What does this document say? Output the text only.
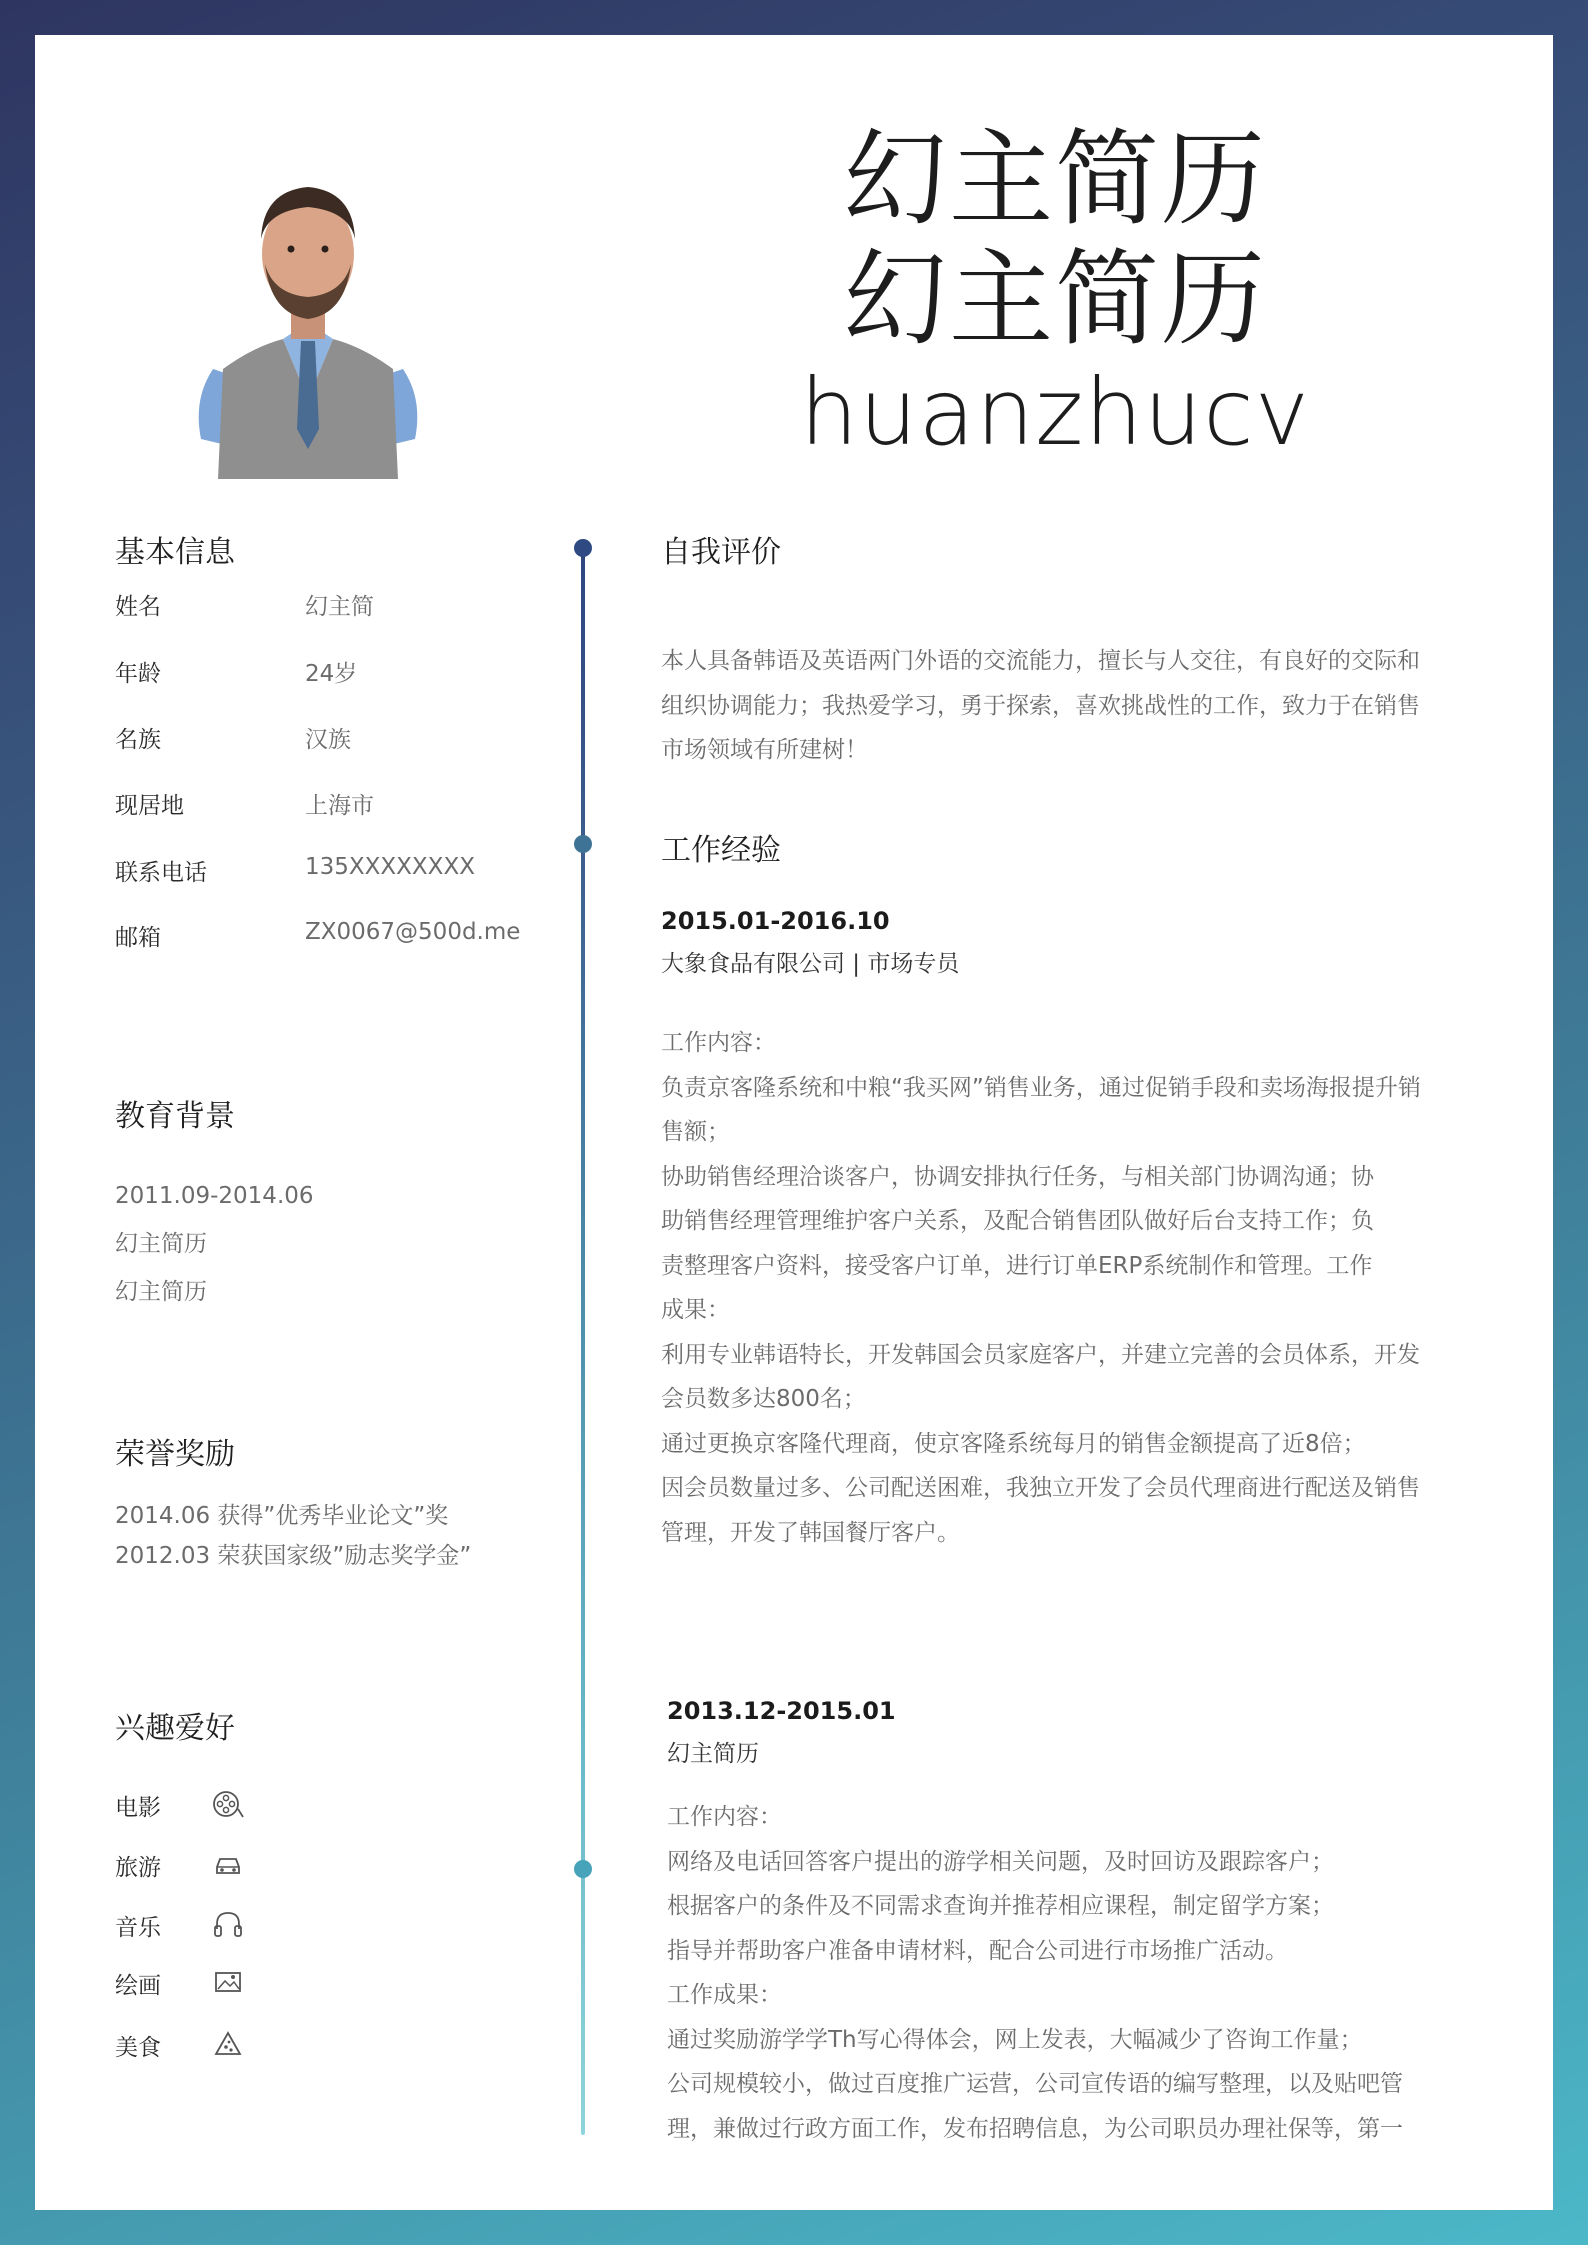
幻主简历
幻主简历
huanzhucv
基本信息
姓名	幻主简
年龄	24岁
名族	汉族
现居地	上海市
联系电话	135XXXXXXXX
邮箱	ZX0067@500d.me
教育背景
2011.09-2014.06
幻主简历
幻主简历
荣誉奖励
2014.06 获得”优秀毕业论文”奖
2012.03 荣获国家级”励志奖学金”
兴趣爱好
电影
旅游
音乐
绘画
美食
自我评价
本人具备韩语及英语两门外语的交流能力，擅长与人交往，有良好的交际和
组织协调能力；我热爱学习，勇于探索，喜欢挑战性的工作，致力于在销售
市场领域有所建树！
工作经验
2015.01-2016.10
大象食品有限公司 | 市场专员
工作内容：
负责京客隆系统和中粮“我买网”销售业务，通过促销手段和卖场海报提升销
售额；
协助销售经理洽谈客户，协调安排执行任务，与相关部门协调沟通；协
助销售经理管理维护客户关系，及配合销售团队做好后台支持工作；负
责整理客户资料，接受客户订单，进行订单ERP系统制作和管理。工作
成果：
利用专业韩语特长，开发韩国会员家庭客户，并建立完善的会员体系，开发
会员数多达800名；
通过更换京客隆代理商，使京客隆系统每月的销售金额提高了近8倍；
因会员数量过多、公司配送困难，我独立开发了会员代理商进行配送及销售
管理，开发了韩国餐厅客户。
2013.12-2015.01
幻主简历
工作内容：
网络及电话回答客户提出的游学相关问题，及时回访及跟踪客户；
根据客户的条件及不同需求查询并推荐相应课程，制定留学方案；
指导并帮助客户准备申请材料，配合公司进行市场推广活动。
工作成果：
通过奖励游学学Th写心得体会，网上发表，大幅减少了咨询工作量；
公司规模较小，做过百度推广运营，公司宣传语的编写整理，以及贴吧管
理，兼做过行政方面工作，发布招聘信息，为公司职员办理社保等，第一
